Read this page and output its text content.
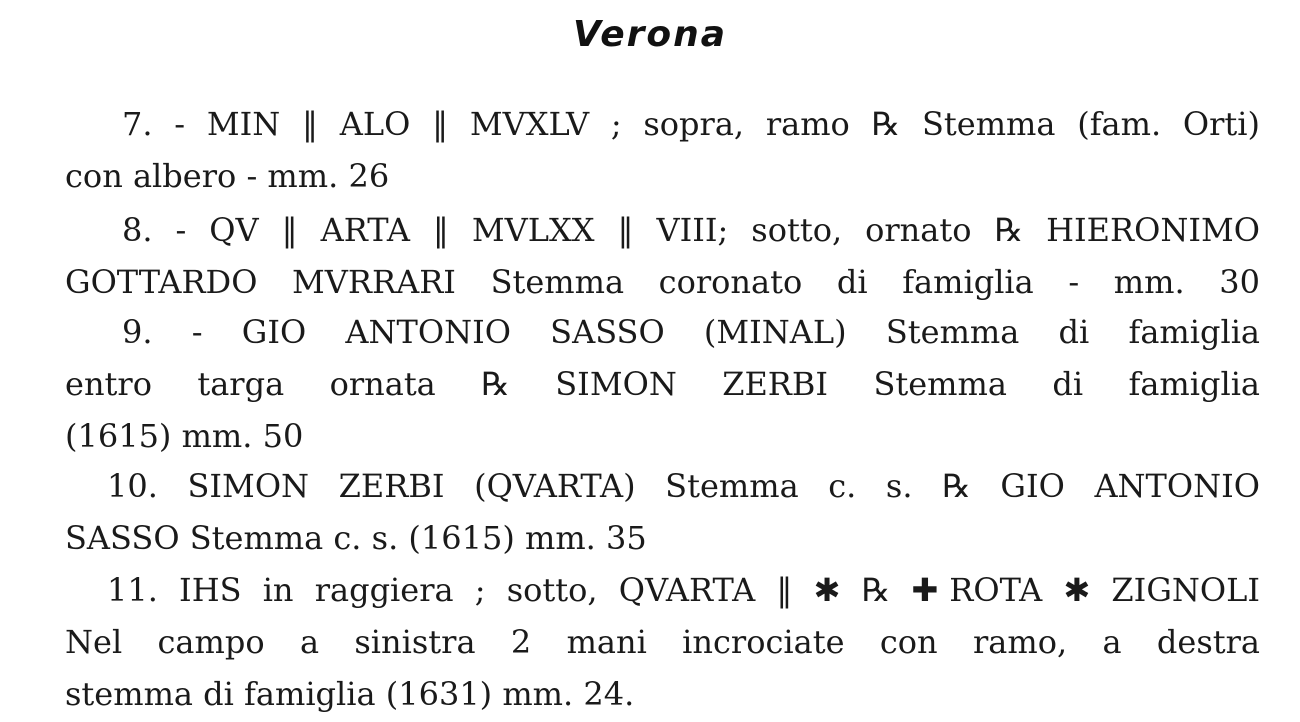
Verona
7. - MIN ‖ ALO ‖ MVXLV ; sopra, ramo ℞ Stemma (fam. Orti)
con albero - mm. 26
8. - QV ‖ ARTA ‖ MVLXX ‖ VIII; sotto, ornato ℞ HIERONIMO
GOTTARDO MVRRARI Stemma coronato di famiglia - mm. 30
9. - GIO ANTONIO SASSO (MINAL) Stemma di famiglia
entro targa ornata ℞ SIMON ZERBI Stemma di famiglia
(1615) mm. 50
10. SIMON ZERBI (QVARTA) Stemma c. s. ℞ GIO ANTONIO
SASSO Stemma c. s. (1615) mm. 35
11. IHS in raggiera ; sotto, QVARTA ‖ ✱ ℞ ✚ROTA ✱ ZIGNOLI
Nel campo a sinistra 2 mani incrociate con ramo, a destra
stemma di famiglia (1631) mm. 24.
